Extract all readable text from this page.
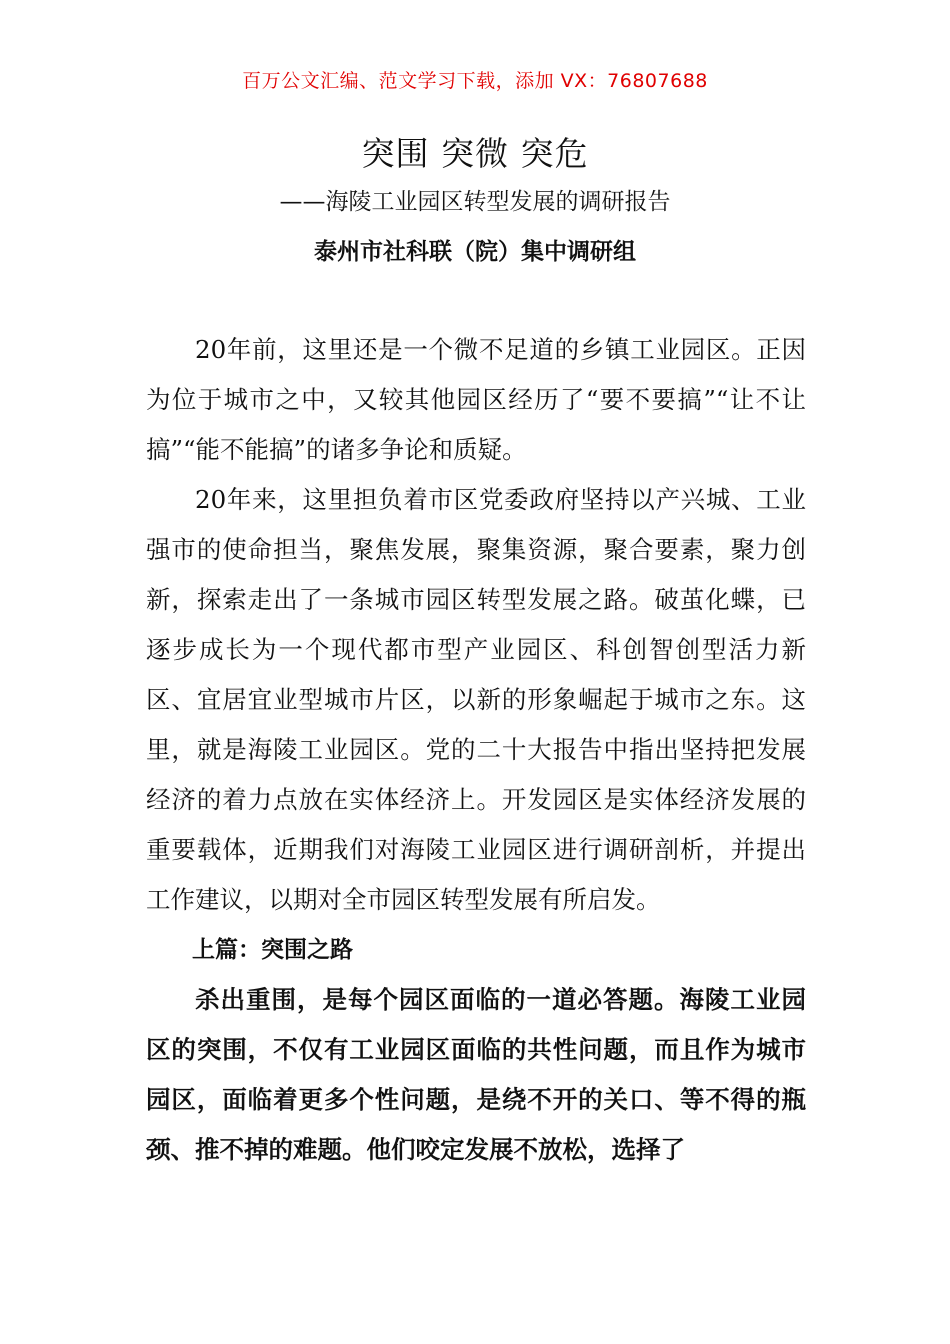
百万公文汇编、范文学习下载，添加 VX：76807688
突围 突微 突危
——海陵工业园区转型发展的调研报告
泰州市社科联（院）集中调研组

20年前，这里还是一个微不足道的乡镇工业园区。正因为位于城市之中，又较其他园区经历了“要不要搞”“让不让搞”“能不能搞”的诸多争论和质疑。

20年来，这里担负着市区党委政府坚持以产兴城、工业强市的使命担当，聚焦发展，聚集资源，聚合要素，聚力创新，探索走出了一条城市园区转型发展之路。破茧化蝶，已逐步成长为一个现代都市型产业园区、科创智创型活力新区、宜居宜业型城市片区，以新的形象崛起于城市之东。这里，就是海陵工业园区。党的二十大报告中指出坚持把发展经济的着力点放在实体经济上。开发园区是实体经济发展的重要载体，近期我们对海陵工业园区进行调研剖析，并提出工作建议，以期对全市园区转型发展有所启发。

上篇：突围之路

杀出重围，是每个园区面临的一道必答题。海陵工业园区的突围，不仅有工业园区面临的共性问题，而且作为城市园区，面临着更多个性问题，是绕不开的关口、等不得的瓶颈、推不掉的难题。他们咬定发展不放松，选择了
